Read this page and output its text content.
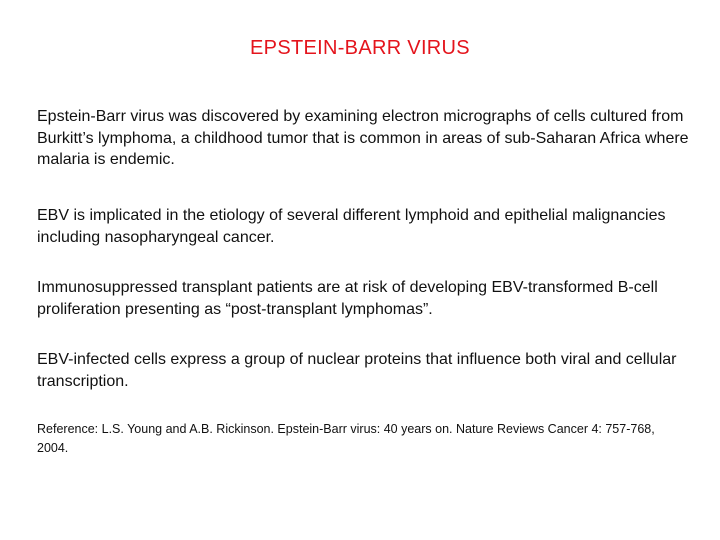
EPSTEIN-BARR VIRUS

Epstein-Barr virus was discovered by examining electron micrographs of cells cultured from Burkitt’s lymphoma, a childhood tumor that is common in areas of sub-Saharan Africa where malaria is endemic.

EBV is implicated in the etiology of several different lymphoid and epithelial malignancies including nasopharyngeal cancer.

Immunosuppressed transplant patients are at risk of developing EBV-transformed B-cell proliferation presenting as “post-transplant lymphomas”.

EBV-infected cells express a group of nuclear proteins that influence both viral and cellular transcription.

Reference: L.S. Young and A.B. Rickinson. Epstein-Barr virus: 40 years on. Nature Reviews Cancer 4: 757-768, 2004.
